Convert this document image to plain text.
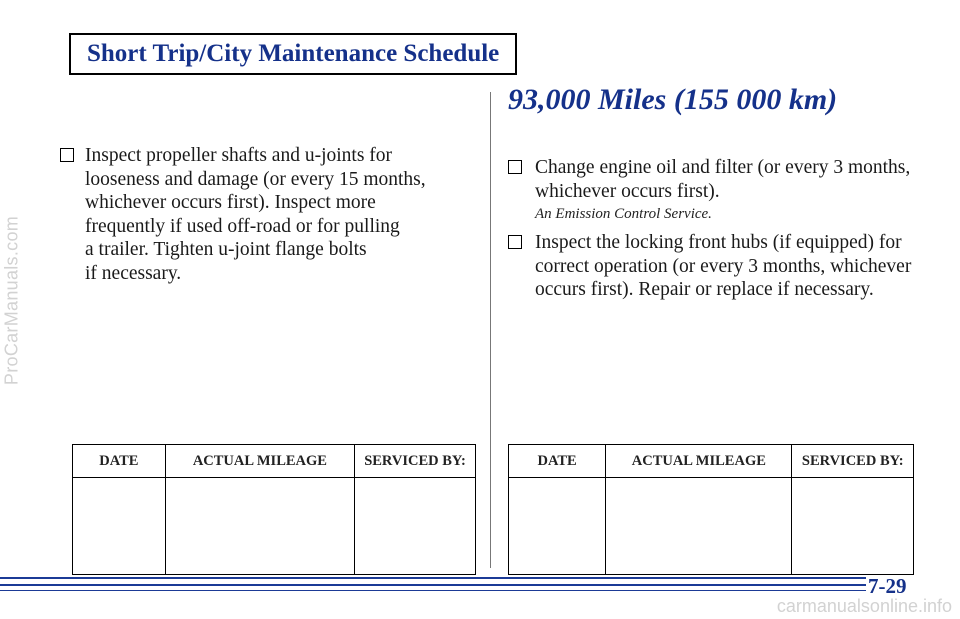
ProCarManuals.com
Short Trip/City Maintenance Schedule
Inspect propeller shafts and u-joints for
looseness and damage (or every 15 months,
whichever occurs first). Inspect more
frequently if used off-road or for pulling
a trailer. Tighten u-joint flange bolts
if necessary.
93,000 Miles (155 000 km)
Change engine oil and filter (or every 3 months, whichever occurs first).
An Emission Control Service.
Inspect the locking front hubs (if equipped) for correct operation (or every 3 months, whichever occurs first). Repair or replace if necessary.
DATE	ACTUAL MILEAGE	SERVICED BY:
			DATE	ACTUAL MILEAGE	SERVICED BY:

7-29
carmanualsonline.info
